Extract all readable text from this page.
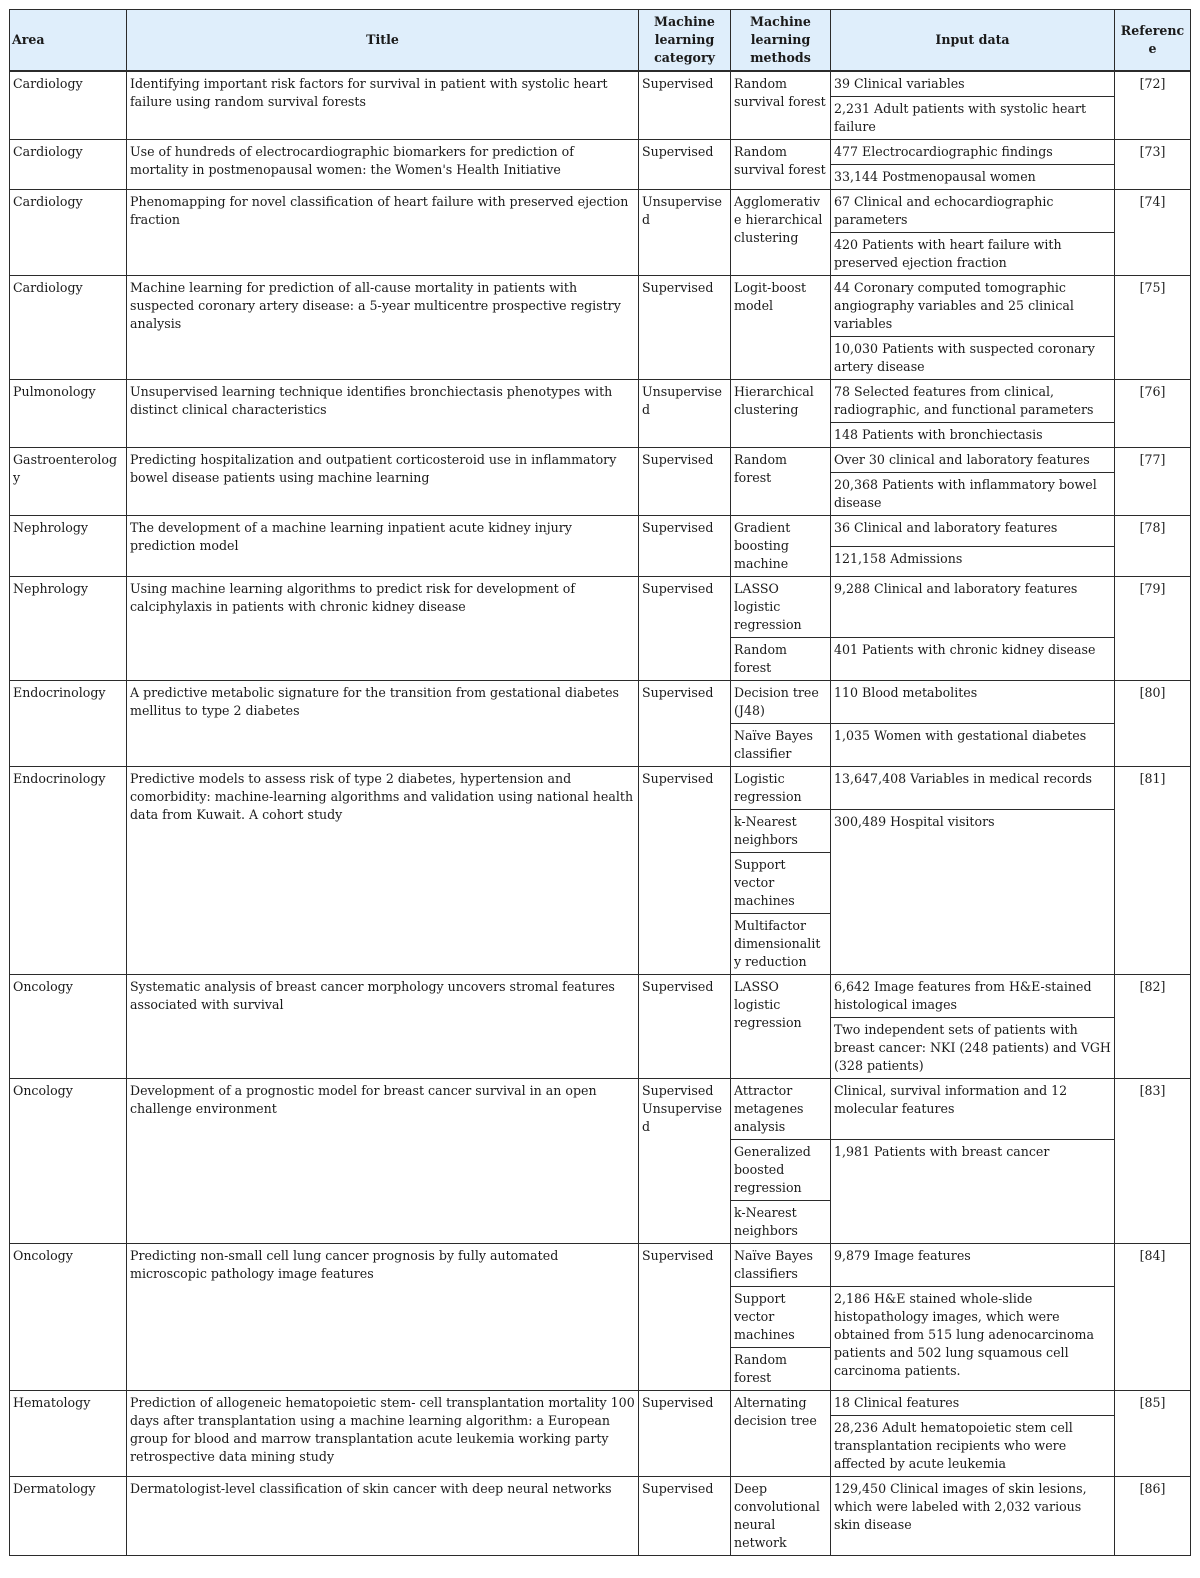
Area	Title	Machine learning category	Machine learning methods	Input data	Reference
Cardiology	Identifying important risk factors for survival in patient with systolic heart failure using random survival forests	Supervised	Random survival forest	39 Clinical variables	[72]
				2,231 Adult patients with systolic heart failure	
Cardiology	Use of hundreds of electrocardiographic biomarkers for prediction of mortality in postmenopausal women: the Women's Health Initiative	Supervised	Random survival forest	477 Electrocardiographic findings	[73]
				33,144 Postmenopausal women	
Cardiology	Phenomapping for novel classification of heart failure with preserved ejection fraction	Unsupervised	Agglomerative hierarchical clustering	67 Clinical and echocardiographic parameters	[74]
				420 Patients with heart failure with preserved ejection fraction	
Cardiology	Machine learning for prediction of all-cause mortality in patients with suspected coronary artery disease: a 5-year multicentre prospective registry analysis	Supervised	Logit-boost model	44 Coronary computed tomographic angiography variables and 25 clinical variables	[75]
				10,030 Patients with suspected coronary artery disease	
Pulmonology	Unsupervised learning technique identifies bronchiectasis phenotypes with distinct clinical characteristics	Unsupervised	Hierarchical clustering	78 Selected features from clinical, radiographic, and functional parameters	[76]
				148 Patients with bronchiectasis	
Gastroenterology	Predicting hospitalization and outpatient corticosteroid use in inflammatory bowel disease patients using machine learning	Supervised	Random forest	Over 30 clinical and laboratory features	[77]
				20,368 Patients with inflammatory bowel disease	
Nephrology	The development of a machine learning inpatient acute kidney injury prediction model	Supervised	Gradient boosting machine	36 Clinical and laboratory features	[78]
				121,158 Admissions	
Nephrology	Using machine learning algorithms to predict risk for development of calciphylaxis in patients with chronic kidney disease	Supervised	LASSO logistic regression	9,288 Clinical and laboratory features	[79]
			Random forest	401 Patients with chronic kidney disease	
Endocrinology	A predictive metabolic signature for the transition from gestational diabetes mellitus to type 2 diabetes	Supervised	Decision tree (J48)	110 Blood metabolites	[80]
			Naïve Bayes classifier	1,035 Women with gestational diabetes	
Endocrinology	Predictive models to assess risk of type 2 diabetes, hypertension and comorbidity: machine-learning algorithms and validation using national health data from Kuwait. A cohort study	Supervised	Logistic regression	13,647,408 Variables in medical records	[81]
			k-Nearest neighbors	300,489 Hospital visitors	
			Support vector machines		
			Multifactor dimensionality reduction		
Oncology	Systematic analysis of breast cancer morphology uncovers stromal features associated with survival	Supervised	LASSO logistic regression	6,642 Image features from H&E-stained histological images	[82]
				Two independent sets of patients with breast cancer: NKI (248 patients) and VGH (328 patients)	
Oncology	Development of a prognostic model for breast cancer survival in an open challenge environment	Supervised Unsupervised	Attractor metagenes analysis	Clinical, survival information and 12 molecular features	[83]
			Generalized boosted regression	1,981 Patients with breast cancer	
			k-Nearest neighbors		
Oncology	Predicting non-small cell lung cancer prognosis by fully automated microscopic pathology image features	Supervised	Naïve Bayes classifiers	9,879 Image features	[84]
			Support vector machines	2,186 H&E stained whole-slide histopathology images, which were obtained from 515 lung adenocarcinoma patients and 502 lung squamous cell carcinoma patients.	
			Random forest		
Hematology	Prediction of allogeneic hematopoietic stem- cell transplantation mortality 100 days after transplantation using a machine learning algorithm: a European group for blood and marrow transplantation acute leukemia working party retrospective data mining study	Supervised	Alternating decision tree	18 Clinical features	[85]
				28,236 Adult hematopoietic stem cell transplantation recipients who were affected by acute leukemia	
Dermatology	Dermatologist-level classification of skin cancer with deep neural networks	Supervised	Deep convolutional neural network	129,450 Clinical images of skin lesions, which were labeled with 2,032 various skin disease	[86]
